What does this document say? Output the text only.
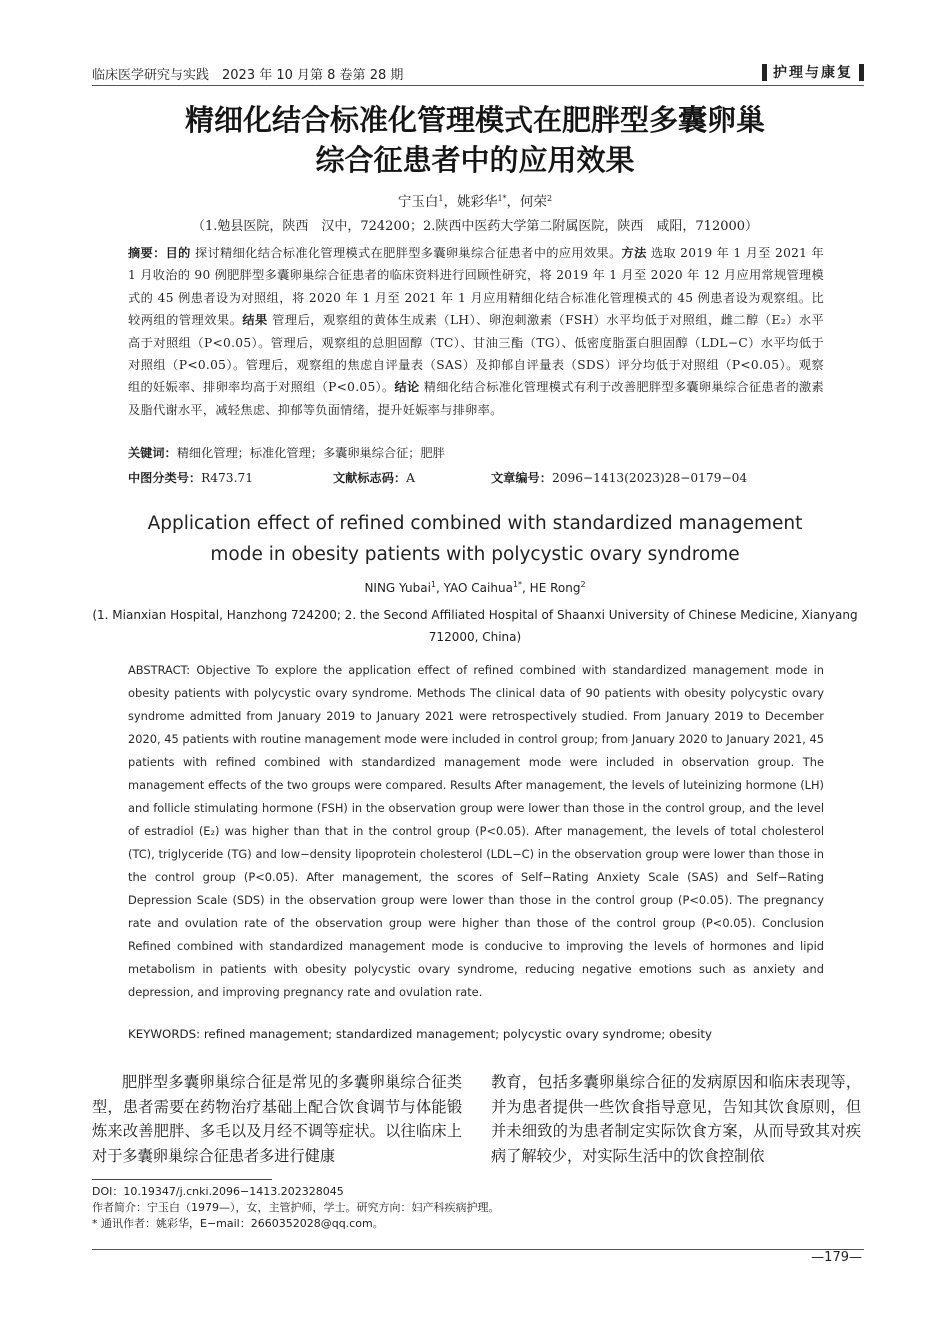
临床医学研究与实践　2023 年 10 月第 8 卷第 28 期	护理与康复
精细化结合标准化管理模式在肥胖型多囊卵巢
综合征患者中的应用效果
宁玉白$^1$，姚彩华$^{1*}$，何荣$^2$
（1.勉县医院，陕西　汉中，724200；2.陕西中医药大学第二附属医院，陕西　咸阳，712000）

摘要：目的 探讨精细化结合标准化管理模式在肥胖型多囊卵巢综合征患者中的应用效果。方法 选取 2019 年 1 月至 2021 年 1 月收治的 90 例肥胖型多囊卵巢综合征患者的临床资料进行回顾性研究，将 2019 年 1 月至 2020 年 12 月应用常规管理模式的 45 例患者设为对照组，将 2020 年 1 月至 2021 年 1 月应用精细化结合标准化管理模式的 45 例患者设为观察组。比较两组的管理效果。结果 管理后，观察组的黄体生成素（LH）、卵泡刺激素（FSH）水平均低于对照组，雌二醇（E₂）水平高于对照组（P<0.05）。管理后，观察组的总胆固醇（TC）、甘油三酯（TG）、低密度脂蛋白胆固醇（LDL−C）水平均低于对照组（P<0.05）。管理后，观察组的焦虑自评量表（SAS）及抑郁自评量表（SDS）评分均低于对照组（P<0.05）。观察组的妊娠率、排卵率均高于对照组（P<0.05）。结论 精细化结合标准化管理模式有利于改善肥胖型多囊卵巢综合征患者的激素及脂代谢水平，减轻焦虑、抑郁等负面情绪，提升妊娠率与排卵率。

关键词：精细化管理；标准化管理；多囊卵巢综合征；肥胖

中图分类号：R473.71	文献标志码：A	文章编号：2096−1413(2023)28−0179−04
Application effect of refined combined with standardized management
mode in obesity patients with polycystic ovary syndrome
NING Yubai$^1$, YAO Caihua$^{1*}$, HE Rong$^2$
(1. Mianxian Hospital, Hanzhong 724200; 2. the Second Affiliated Hospital of Shaanxi University of Chinese Medicine, Xianyang 712000, China)

ABSTRACT: Objective To explore the application effect of refined combined with standardized management mode in obesity patients with polycystic ovary syndrome. Methods The clinical data of 90 patients with obesity polycystic ovary syndrome admitted from January 2019 to January 2021 were retrospectively studied. From January 2019 to December 2020, 45 patients with routine management mode were included in control group; from January 2020 to January 2021, 45 patients with refined combined with standardized management mode were included in observation group. The management effects of the two groups were compared. Results After management, the levels of luteinizing hormone (LH) and follicle stimulating hormone (FSH) in the observation group were lower than those in the control group, and the level of estradiol (E₂) was higher than that in the control group (P<0.05). After management, the levels of total cholesterol (TC), triglyceride (TG) and low−density lipoprotein cholesterol (LDL−C) in the observation group were lower than those in the control group (P<0.05). After management, the scores of Self−Rating Anxiety Scale (SAS) and Self−Rating Depression Scale (SDS) in the observation group were lower than those in the control group (P<0.05). The pregnancy rate and ovulation rate of the observation group were higher than those of the control group (P<0.05). Conclusion Refined combined with standardized management mode is conducive to improving the levels of hormones and lipid metabolism in patients with obesity polycystic ovary syndrome, reducing negative emotions such as anxiety and depression, and improving pregnancy rate and ovulation rate.

KEYWORDS: refined management; standardized management; polycystic ovary syndrome; obesity

肥胖型多囊卵巢综合征是常见的多囊卵巢综合征类型，患者需要在药物治疗基础上配合饮食调节与体能锻炼来改善肥胖、多毛以及月经不调等症状。以往临床上对于多囊卵巢综合征患者多进行健康

教育，包括多囊卵巢综合征的发病原因和临床表现等，并为患者提供一些饮食指导意见，告知其饮食原则，但并未细致的为患者制定实际饮食方案，从而导致其对疾病了解较少，对实际生活中的饮食控制依

DOI：10.19347/j.cnki.2096−1413.202328045

作者简介：宁玉白（1979—），女，主管护师，学士。研究方向：妇产科疾病护理。

* 通讯作者：姚彩华，E−mail：2660352028@qq.com。

—179—
